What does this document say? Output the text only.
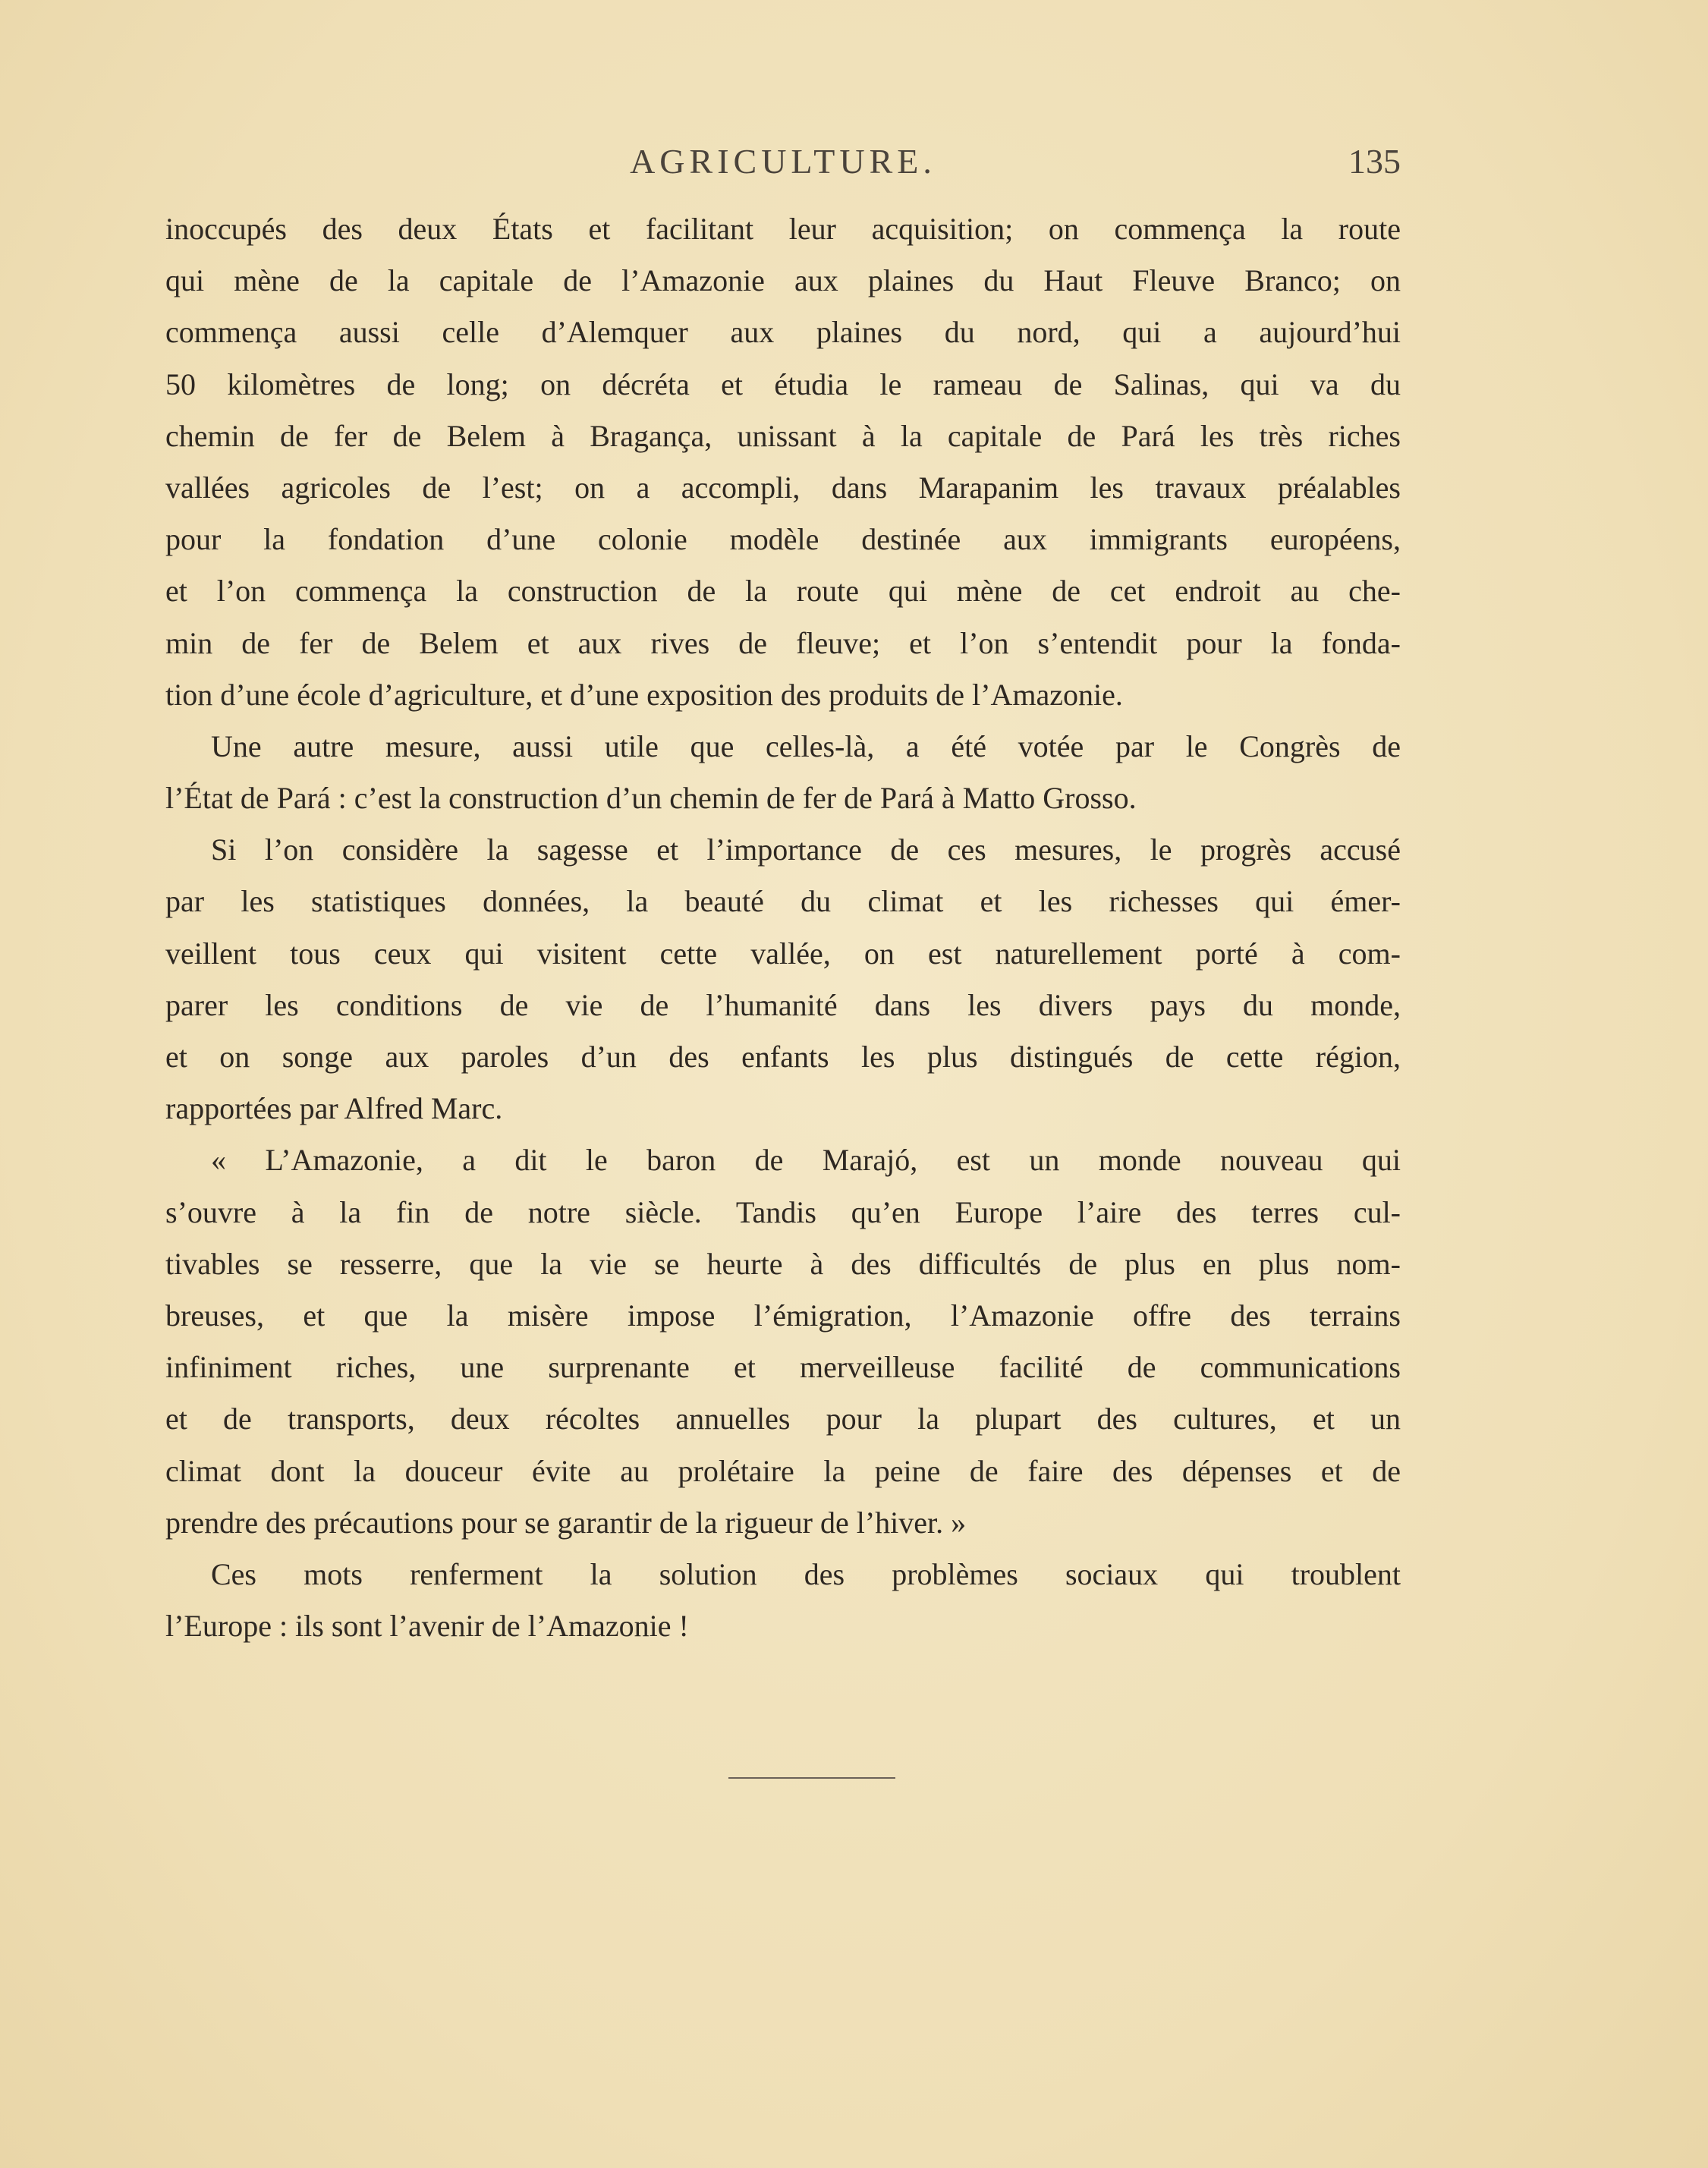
AGRICULTURE.	135
inoccupés des deux États et facilitant leur acquisition; on commença la route
qui mène de la capitale de l’Amazonie aux plaines du Haut Fleuve Branco; on
commença aussi celle d’Alemquer aux plaines du nord, qui a aujourd’hui
50 kilomètres de long; on décréta et étudia le rameau de Salinas, qui va du
chemin de fer de Belem à Bragança, unissant à la capitale de Pará les très riches
vallées agricoles de l’est; on a accompli, dans Marapanim les travaux préalables
pour la fondation d’une colonie modèle destinée aux immigrants européens,
et l’on commença la construction de la route qui mène de cet endroit au che-
min de fer de Belem et aux rives de fleuve; et l’on s’entendit pour la fonda-
tion d’une école d’agriculture, et d’une exposition des produits de l’Amazonie.
Une autre mesure, aussi utile que celles-là, a été votée par le Congrès de
l’État de Pará : c’est la construction d’un chemin de fer de Pará à Matto Grosso.
Si l’on considère la sagesse et l’importance de ces mesures, le progrès accusé
par les statistiques données, la beauté du climat et les richesses qui émer-
veillent tous ceux qui visitent cette vallée, on est naturellement porté à com-
parer les conditions de vie de l’humanité dans les divers pays du monde,
et on songe aux paroles d’un des enfants les plus distingués de cette région,
rapportées par Alfred Marc.
« L’Amazonie, a dit le baron de Marajó, est un monde nouveau qui
s’ouvre à la fin de notre siècle. Tandis qu’en Europe l’aire des terres cul-
tivables se resserre, que la vie se heurte à des difficultés de plus en plus nom-
breuses, et que la misère impose l’émigration, l’Amazonie offre des terrains
infiniment riches, une surprenante et merveilleuse facilité de communications
et de transports, deux récoltes annuelles pour la plupart des cultures, et un
climat dont la douceur évite au prolétaire la peine de faire des dépenses et de
prendre des précautions pour se garantir de la rigueur de l’hiver. »
Ces mots renferment la solution des problèmes sociaux qui troublent
l’Europe : ils sont l’avenir de l’Amazonie !
